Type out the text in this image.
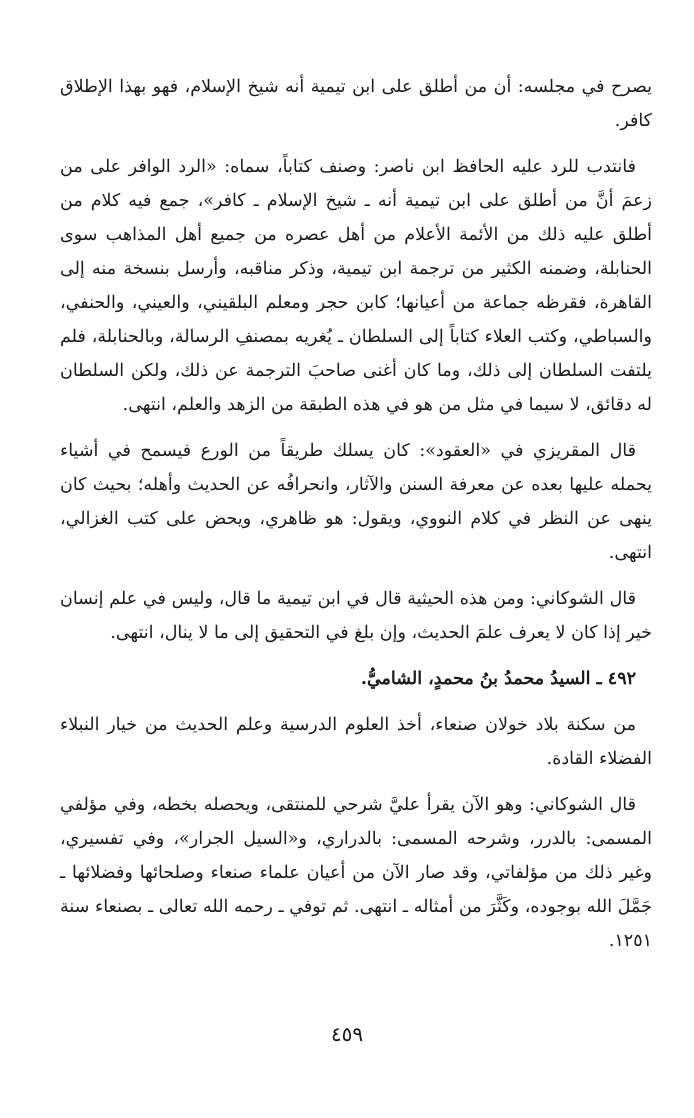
يصرح في مجلسه: أن من أطلق على ابن تيمية أنه شيخ الإسلام، فهو بهذا الإطلاق كافر.

فانتدب للرد عليه الحافظ ابن ناصر: وصنف كتاباً، سماه: «الرد الوافر على من زعمَ أنَّ من أطلق على ابن تيمية أنه ـ شيخ الإسلام ـ كافر»، جمع فيه كلام من أطلق عليه ذلك من الأئمة الأعلام من أهل عصره من جميع أهل المذاهب سوى الحنابلة، وضمنه الكثير من ترجمة ابن تيمية، وذكر مناقبه، وأرسل بنسخة منه إلى القاهرة، فقرظه جماعة من أعيانها؛ كابن حجر ومعلم البلقيني، والعيني، والحنفي، والسباطي، وكتب العلاء كتاباً إلى السلطان ـ يُغريه بمصنفِ الرسالة، وبالحنابلة، فلم يلتفت السلطان إلى ذلك، وما كان أغنى صاحبَ الترجمة عن ذلك، ولكن السلطان له دقائق، لا سيما في مثل من هو في هذه الطبقة من الزهد والعلم، انتهى.

قال المقريزي في «العقود»: كان يسلك طريقاً من الورع فيسمح في أشياء يحمله عليها بعده عن معرفة السنن والآثار، وانحرافُه عن الحديث وأهله؛ بحيث كان ينهى عن النظر في كلام النووي، ويقول: هو ظاهري، ويحض على كتب الغزالي، انتهى.

قال الشوكاني: ومن هذه الحيثية قال في ابن تيمية ما قال، وليس في علم إنسان خير إذا كان لا يعرف علمَ الحديث، وإن بلغ في التحقيق إلى ما لا ينال، انتهى.

٤٩٢ ـ السيدُ محمدُ بنُ محمدٍ، الشاميُّ.

من سكنة بلاد خولان صنعاء، أخذ العلوم الدرسية وعلم الحديث من خيار النبلاء الفضلاء القادة.

قال الشوكاني: وهو الآن يقرأ عليَّ شرحي للمنتقى، ويحصله بخطه، وفي مؤلفي المسمى: بالدرر، وشرحه المسمى: بالدراري، و«السيل الجرار»، وفي تفسيري، وغير ذلك من مؤلفاتي، وقد صار الآن من أعيان علماء صنعاء وصلحائها وفضلائها ـ جَمَّلَ الله بوجوده، وكَثَّرَ من أمثاله ـ انتهى. ثم توفي ـ رحمه الله تعالى ـ بصنعاء سنة ١٢٥١.

٤٥٩
